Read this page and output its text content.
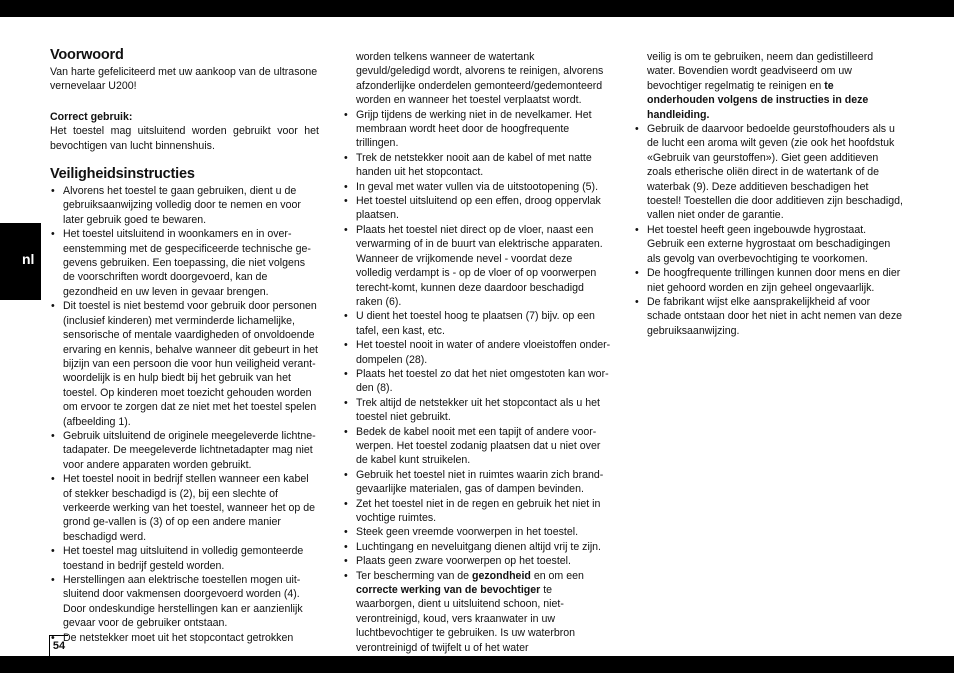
nl
54
Voorwoord

Van harte gefeliciteerd met uw aankoop van de ultrasone vernevelaar U200!

Correct gebruik:

Het toestel mag uitsluitend worden gebruikt voor het bevochtigen van lucht binnenshuis.

Veiligheidsinstructies
• Alvorens het toestel te gaan gebruiken, dient u de gebruiksaanwijzing volledig door te nemen en voor later gebruik goed te bewaren.
• Het toestel uitsluitend in woonkamers en in over-eenstemming met de gespecificeerde technische ge-gevens gebruiken. Een toepassing, die niet volgens de voorschriften wordt doorgevoerd, kan de gezondheid en uw leven in gevaar brengen.
• Dit toestel is niet bestemd voor gebruik door personen (inclusief kinderen) met verminderde lichamelijke, sensorische of mentale vaardigheden of onvoldoende ervaring en kennis, behalve wanneer dit gebeurt in het bijzijn van een persoon die voor hun veiligheid verant-woordelijk is en hulp biedt bij het gebruik van het toestel. Op kinderen moet toezicht gehouden worden om ervoor te zorgen dat ze niet met het toestel spelen (afbeelding 1).
• Gebruik uitsluitend de originele meegeleverde lichtne-tadapater. De meegeleverde lichtnetadapter mag niet voor andere apparaten worden gebruikt.
• Het toestel nooit in bedrijf stellen wanneer een kabel of stekker beschadigd is (2), bij een slechte of verkeerde werking van het toestel, wanneer het op de grond ge-vallen is (3) of op een andere manier beschadigd werd.
• Het toestel mag uitsluitend in volledig gemonteerde toestand in bedrijf gesteld worden.
• Herstellingen aan elektrische toestellen mogen uit-sluitend door vakmensen doorgevoerd worden (4). Door ondeskundige herstellingen kan er aanzienlijk gevaar voor de gebruiker ontstaan.
• De netstekker moet uit het stopcontact getrokken
worden telkens wanneer de watertank gevuld/geledigd wordt, alvorens te reinigen, alvorens afzonderlijke onderdelen gemonteerd/gedemonteerd worden en wanneer het toestel verplaatst wordt.
• Grijp tijdens de werking niet in de nevelkamer. Het membraan wordt heet door de hoogfrequente trillingen.
• Trek de netstekker nooit aan de kabel of met natte handen uit het stopcontact.
• In geval met water vullen via de uitstootopening (5).
• Het toestel uitsluitend op een effen, droog oppervlak plaatsen.
• Plaats het toestel niet direct op de vloer, naast een verwarming of in de buurt van elektrische apparaten. Wanneer de vrijkomende nevel - voordat deze volledig verdampt is - op de vloer of op voorwerpen terecht-komt, kunnen deze daardoor beschadigd raken (6).
• U dient het toestel hoog te plaatsen (7) bijv. op een tafel, een kast, etc.
• Het toestel nooit in water of andere vloeistoffen onder-dompelen (28).
• Plaats het toestel zo dat het niet omgestoten kan wor-den (8).
• Trek altijd de netstekker uit het stopcontact als u het toestel niet gebruikt.
• Bedek de kabel nooit met een tapijt of andere voor-werpen. Het toestel zodanig plaatsen dat u niet over de kabel kunt struikelen.
• Gebruik het toestel niet in ruimtes waarin zich brand-gevaarlijke materialen, gas of dampen bevinden.
• Zet het toestel niet in de regen en gebruik het niet in vochtige ruimtes.
• Steek geen vreemde voorwerpen in het toestel.
• Luchtingang en neveluitgang dienen altijd vrij te zijn.
• Plaats geen zware voorwerpen op het toestel.
• Ter bescherming van de gezondheid en om een correcte werking van de bevochtiger te waarborgen, dient u uitsluitend schoon, niet-verontreinigd, koud, vers kraanwater in uw luchtbevochtiger te gebruiken. Is uw waterbron verontreinigd of twijfelt u of het water
veilig is om te gebruiken, neem dan gedistilleerd water. Bovendien wordt geadviseerd om uw bevochtiger regelmatig te reinigen en te onderhouden volgens de instructies in deze handleiding.
• Gebruik de daarvoor bedoelde geurstofhouders als u de lucht een aroma wilt geven (zie ook het hoofdstuk «Gebruik van geurstoffen»). Giet geen additieven zoals etherische oliën direct in de watertank of de waterbak (9). Deze additieven beschadigen het toestel! Toestellen die door additieven zijn beschadigd, vallen niet onder de garantie.
• Het toestel heeft geen ingebouwde hygrostaat. Gebruik een externe hygrostaat om beschadigingen als gevolg van overbevochtiging te voorkomen.
• De hoogfrequente trillingen kunnen door mens en dier niet gehoord worden en zijn geheel ongevaarlijk.
• De fabrikant wijst elke aansprakelijkheid af voor schade ontstaan door het niet in acht nemen van deze gebruiksaanwijzing.
